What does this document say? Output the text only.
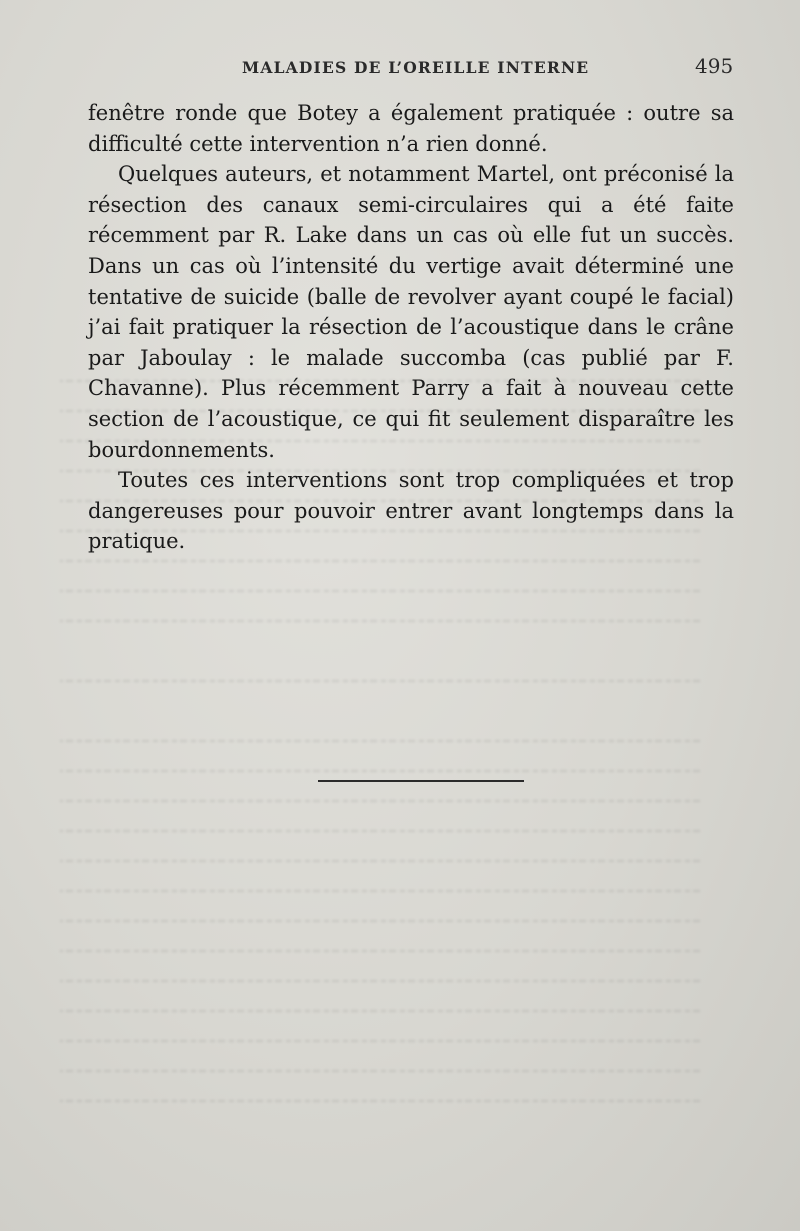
MALADIES DE L’OREILLE INTERNE	495

fenêtre ronde que Botey a également pratiquée : outre sa difficulté cette intervention n’a rien donné.

Quelques auteurs, et notamment Martel, ont préconisé la résection des canaux semi-circulaires qui a été faite récemment par R. Lake dans un cas où elle fut un succès. Dans un cas où l’intensité du vertige avait déterminé une tentative de suicide (balle de revolver ayant coupé le facial) j’ai fait pratiquer la résection de l’acoustique dans le crâne par Jaboulay : le malade succomba (cas publié par F. Chavanne). Plus récemment Parry a fait à nouveau cette section de l’acoustique, ce qui fit seulement disparaître les bourdonnements.

Toutes ces interventions sont trop compliquées et trop dangereuses pour pouvoir entrer avant longtemps dans la pratique.
